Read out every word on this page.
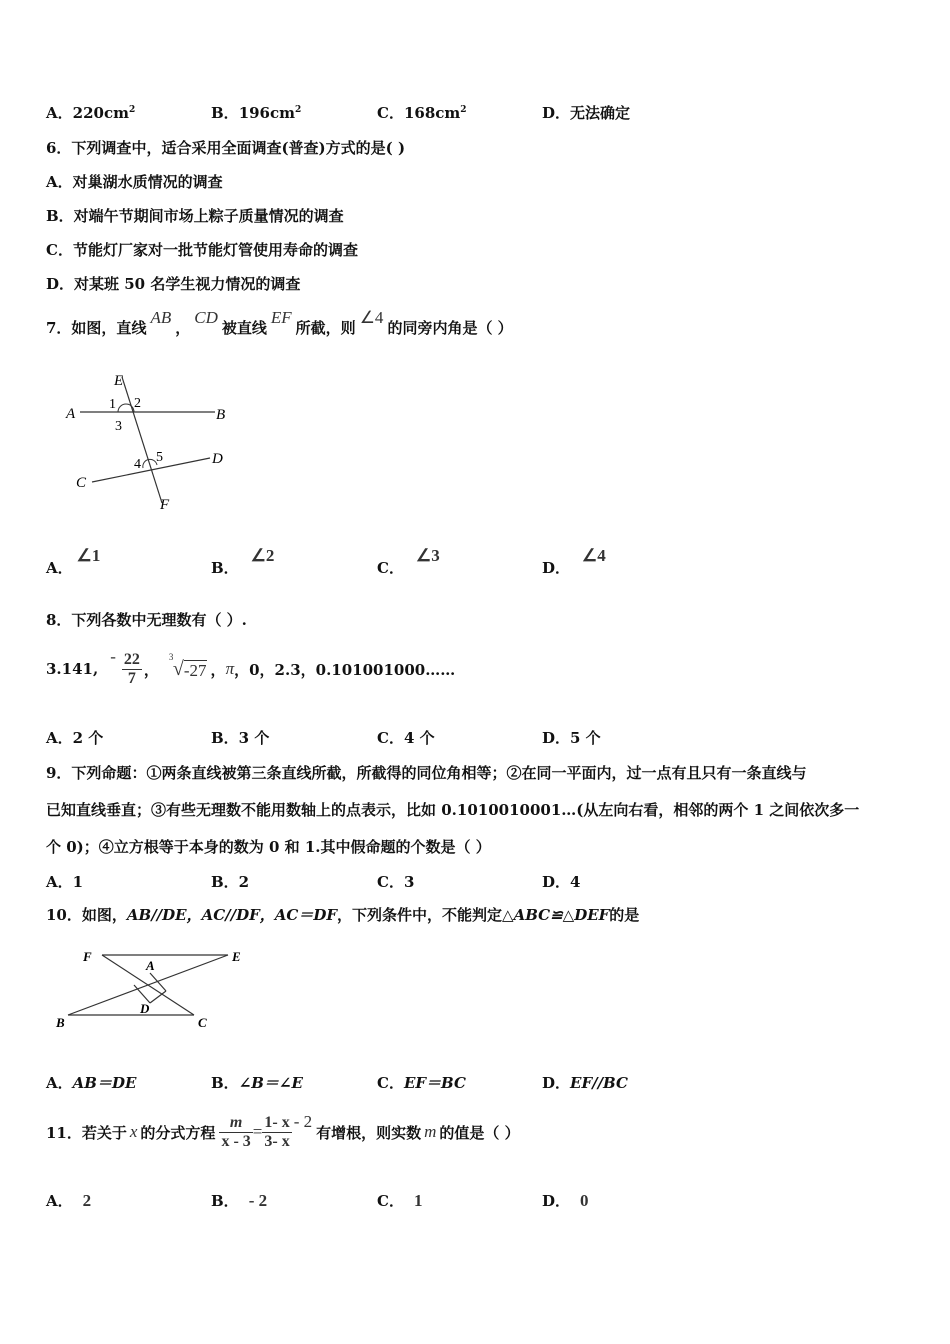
A．$220cm^2$	B．$196cm^2$	C．$168cm^2$	D．无法确定
6．下列调查中，适合采用全面调查(普查)方式的是( )
A．对巢湖水质情况的调查
B．对端午节期间市场上粽子质量情况的调查
C．节能灯厂家对一批节能灯管使用寿命的调查
D．对某班 50 名学生视力情况的调查
7．如图，直线AB，CD被直线EF所截，则∠4的同旁内角是（ ）
E
A	B
C
D
F
1 2
3
4 5
A．∠1
B．∠2
C．∠3
D．∠4
8．下列各数中无理数有（ ）.
3.141,
- $\frac{22}{7}$ ，
3
√ -27 ， π ，0，2.3，0.101001000……
A．2 个	B．3 个	C．4 个	D．5 个
9．下列命题：①两条直线被第三条直线所截，所截得的同位角相等；②在同一平面内，过一点有且只有一条直线与
已知直线垂直；③有些无理数不能用数轴上的点表示，比如 0.1010010001…(从左向右看，相邻的两个 1 之间依次多一
个 0)；④立方根等于本身的数为 0 和 1.其中假命题的个数是（ ）
A．1	B．2	C．3	D．4
10．如图，AB//DE，AC//DF，AC＝DF，下列条件中，不能判定△ABC≌△DEF的是
F	E
A
D
B	C
A．AB＝DE	B．∠B＝∠E	C．EF＝BC	D．EF//BC
11．若关于 x 的分式方程 $\frac{m}{x - 3} = \frac{1- x}{3- x} - 2$
有增根，则实数 m 的值是（ ）
A． 2	B． - 2	C． 1	D． 0
